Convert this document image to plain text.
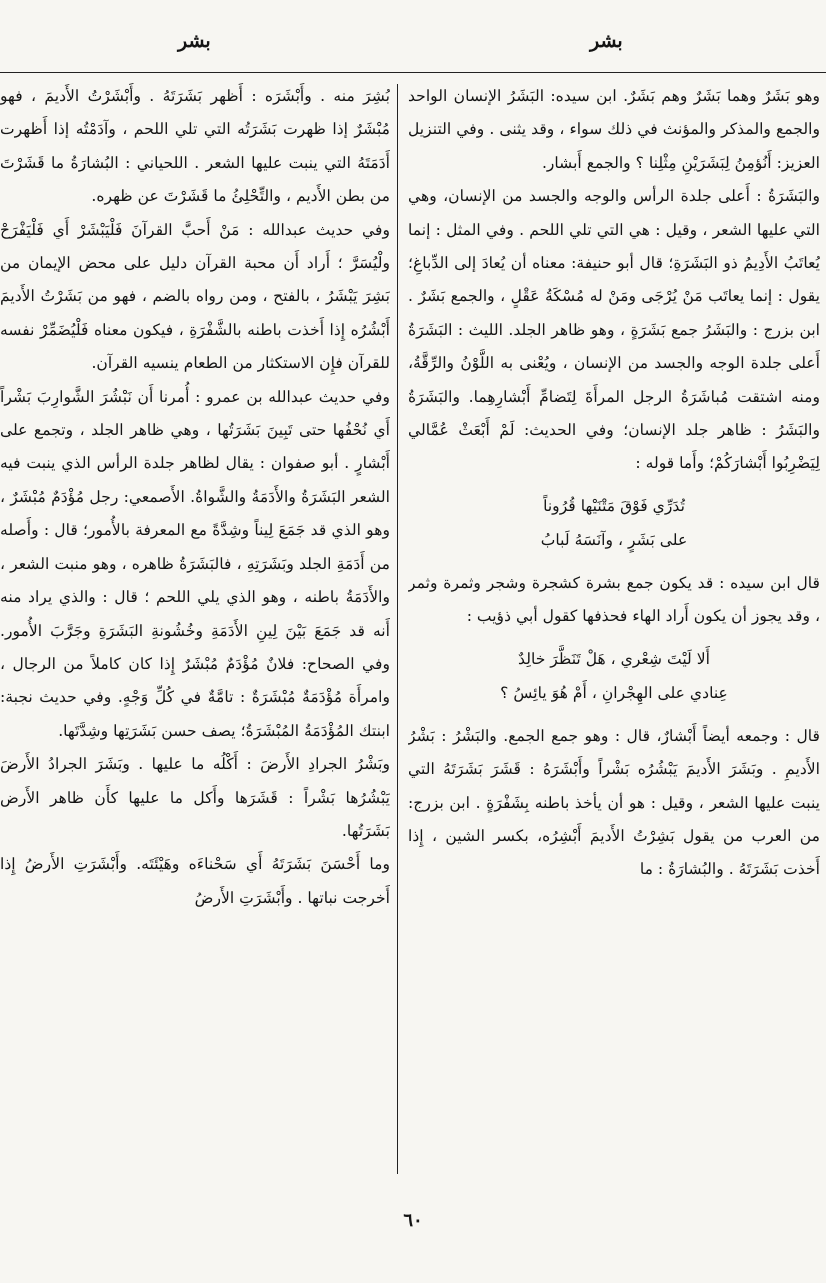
بشر
بشر

وهو بَشَرٌ وهما بَشَرٌ وهم بَشَرٌ. ابن سيده: البَشَرُ الإنسان الواحد والجمع والمذكر والمؤنث في ذلك سواء ، وقد يثنى . وفي التنزيل العزيز: أَنُؤمِنُ لِبَشَرَيْنِ مِثْلِنا ؟ والجمع أَبشار.

والبَشَرَةُ : أَعلى جلدة الرأس والوجه والجسد من الإنسان، وهي التي عليها الشعر ، وقيل : هي التي تلي اللحم . وفي المثل : إنما يُعاتَبُ الأَدِيمُ ذو البَشَرَةِ؛ قال أبو حنيفة: معناه أن يُعادَ إلى الدِّباغِ؛ يقول : إنما يعاتَب مَنْ يُرْجَى ومَنْ له مُسْكَةُ عَقْلٍ ، والجمع بَشَرٌ . ابن بزرج : والبَشَرُ جمع بَشَرَةٍ ، وهو ظاهر الجلد. الليث : البَشَرَةُ أَعلى جلدة الوجه والجسد من الإنسان ، ويُعْنى به اللَّوْنُ والرِّقَّةُ، ومنه اشتقت مُباشَرَةُ الرجل المرأَةَ لِتَضامِّ أَبْشارِهِما. والبَشَرَةُ والبَشَرُ : ظاهر جلد الإنسان؛ وفي الحديث: لَمْ أَبْعَثْ عُمَّالي لِيَضْرِبُوا أَبْشارَكُمْ؛ وأَما قوله :

تُدَرِّي فَوْقَ مَتْنَيْها قُرُوناً
على بَشَرٍ ، وآنَسَهُ لَبابُ

قال ابن سيده : قد يكون جمع بشرة كشجرة وشجر وثمرة وثمر ، وقد يجوز أن يكون أَراد الهاء فحذفها كقول أبي ذؤيب :

أَلا لَيْتَ شِعْري ، هَلْ تَنَظَّرَ خالِدٌ
عِنادي على الهِجْرانِ ، أَمْ هُوَ يائِسُ ؟

قال : وجمعه أيضاً أَبْشارٌ، قال : وهو جمع الجمع. والبَشْرُ : بَشْرُ الأَديمِ . وبَشَرَ الأَديمَ يَبْشُرُه بَشْراً وأَبْشَرَهُ : قَشَرَ بَشَرَتَهُ التي ينبت عليها الشعر ، وقيل : هو أن يأخذ باطنه بِشَفْرَةٍ . ابن بزرج: من العرب من يقول بَشِرْتُ الأَديمَ أَبْشِرُه، بكسر الشين ، إِذا أَخذت بَشَرَتَهُ . والبُشارَةُ : ما

بُشِرَ منه . وأَبْشَرَه : أَظهر بَشَرَتَهُ . وأَبْشَرْتُ الأَديمَ ، فهو مُبْشَرٌ إذا ظهرت بَشَرَتُه التي تلي اللحم ، وآدَمْتُه إذا أَظهرت أَدَمَتَهُ التي ينبت عليها الشعر . اللحياني : البُشارَةُ ما قَشَرْتَ من بطن الأَديم ، والتِّحْلِئُ ما قَشَرْتَ عن ظهره.

وفي حديث عبدالله : مَنْ أَحبَّ القرآنَ فَلْيَبْشَرْ أَي فَلْيَفْرَحْ ولْيُسَرَّ ؛ أَراد أَن محبة القرآن دليل على محض الإيمان من بَشِرَ يَبْشَرُ ، بالفتح ، ومن رواه بالضم ، فهو من بَشَرْتُ الأَديمَ أَبْشُرُه إِذا أَخذت باطنه بالشَّفْرَةِ ، فيكون معناه فَلْيُضَمِّرْ نفسه للقرآن فإِن الاستكثار من الطعام ينسيه القرآن.

وفي حديث عبدالله بن عمرو : أُمرنا أَن نَبْشُرَ الشَّوارِبَ بَشْراً أَي نُحْفُها حتى تَبِينَ بَشَرَتُها ، وهي ظاهر الجلد ، وتجمع على أَبْشارٍ . أبو صفوان : يقال لظاهر جلدة الرأس الذي ينبت فيه الشعر البَشَرَةُ والأَدَمَةُ والشَّواةُ. الأَصمعي: رجل مُؤْدَمٌ مُبْشَرٌ ، وهو الذي قد جَمَعَ لِيناً وشِدَّةً مع المعرفة بالأُمور؛ قال : وأَصله من أَدَمَةِ الجلد وبَشَرَتِهِ ، فالبَشَرَةُ ظاهره ، وهو منبت الشعر ، والأَدَمَةُ باطنه ، وهو الذي يلي اللحم ؛ قال : والذي يراد منه أَنه قد جَمَعَ بَيْنَ لِينِ الأَدَمَةِ وخُشُونةِ البَشَرَةِ وجَرَّبَ الأُمور. وفي الصحاح: فلانٌ مُؤْدَمٌ مُبْشَرٌ إِذا كان كاملاً من الرجال ، وامرأَة مُؤْدَمَةٌ مُبْشَرَةٌ : تامَّةٌ في كُلِّ وَجْهٍ. وفي حديث نجبة: ابنتك المُؤْدَمَةُ المُبْشَرَةُ؛ يصف حسن بَشَرَتِها وشِدَّتَها.

وبَشْرُ الجرادِ الأَرضَ : أَكْلُه ما عليها . وبَشَرَ الجرادُ الأَرضَ يَبْشُرُها بَشْراً : قَشَرَها وأَكل ما عليها كأَن ظاهر الأَرض بَشَرَتُها.

وما أَحْسَنَ بَشَرَتَهُ أَي سَحْناءَه وهَيْئَتَه. وأَبْشَرَتِ الأَرضُ إِذا أَخرجت نباتها . وأَبْشَرَتِ الأَرضُ

٦٠
